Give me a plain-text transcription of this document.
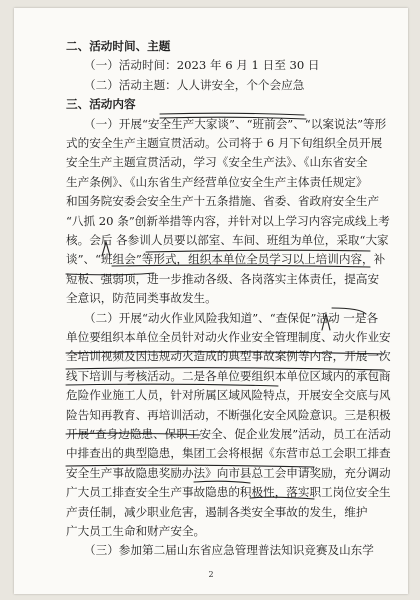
二、活动时间、主题
（一）活动时间：2023 年 6 月 1 日至 30 日
（二）活动主题：人人讲安全，个个会应急
三、活动内容
（一）开展“安全生产大家谈”、“班前会”、“以案说法”等形
式的安全生产主题宣贯活动。公司将于 6 月下旬组织全员开展
安全生产主题宣贯活动，学习《安全生产法》、《山东省安全
生产条例》、《山东省生产经营单位安全生产主体责任规定》
和国务院安委会安全生产十五条措施、省委、省政府安全生产
“八抓 20 条”创新举措等内容，并针对以上学习内容完成线上考
核。会后 各参训人员要以部室、车间、班组为单位，采取“大家
谈”、“班组会”等形式，组织本单位全员学习以上培训内容，补
短板、强弱项，进一步推动各级、各岗落实主体责任，提高安
全意识，防范同类事故发生。
（二）开展“动火作业风险我知道”、“查保促”活动 一是各
单位要组织本单位全员针对动火作业安全管理制度、动火作业安
全培训视频及因违规动火造成的典型事故案例等内容，开展一次
线下培训与考核活动。二是各单位要组织本单位区域内的承包商
危险作业施工人员，针对所属区域风险特点，开展安全交底与风
险告知再教育、再培训活动，不断强化安全风险意识。三是积极
开展“查身边隐患、保职工安全、促企业发展”活动，员工在活动
中排查出的典型隐患，集团工会将根据《东营市总工会职工排查
安全生产事故隐患奖励办法》向市县总工会申请奖励，充分调动
广大员工排查安全生产事故隐患的积极性，落实职工岗位安全生
产责任制，减少职业危害，遏制各类安全事故的发生，维护
广大员工生命和财产安全。
（三）参加第二届山东省应急管理普法知识竞赛及山东学
2
